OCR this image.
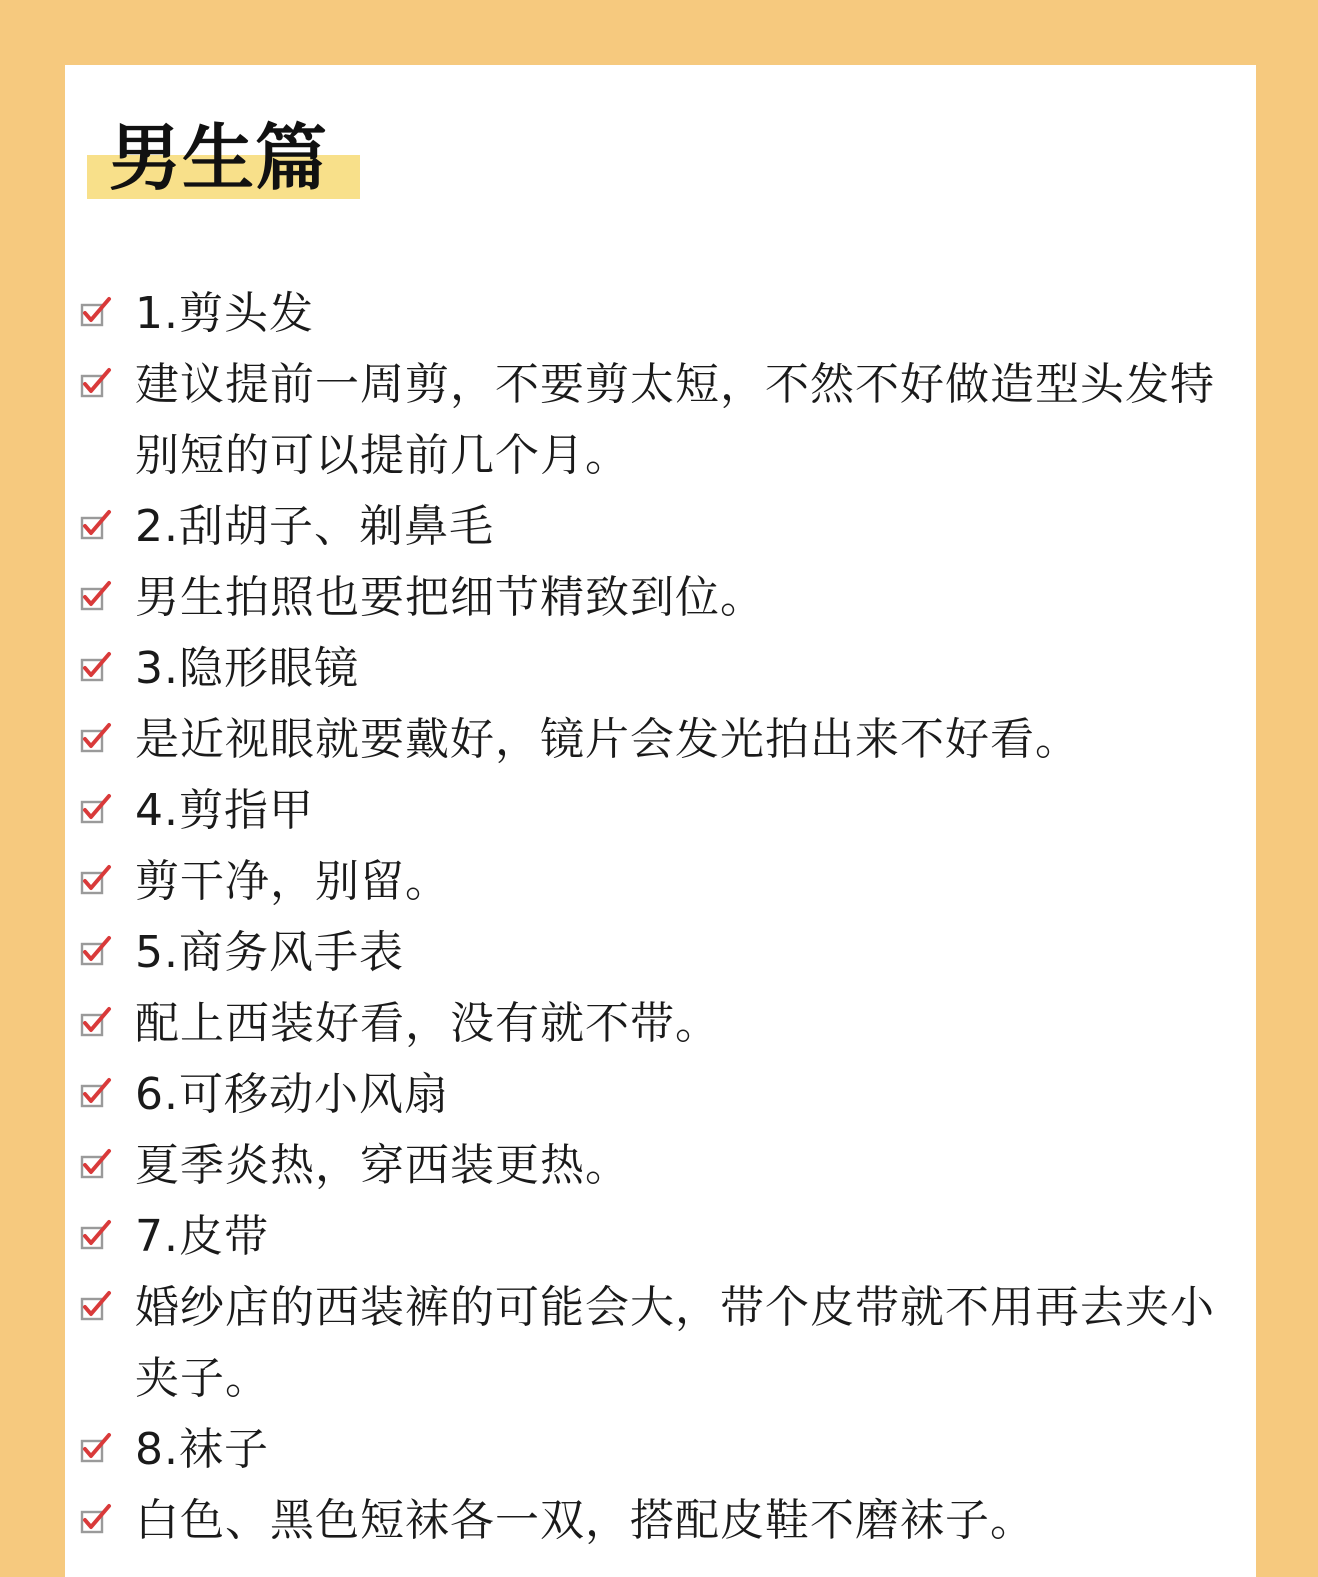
男生篇
1.剪头发
建议提前一周剪，不要剪太短，不然不好做造型头发特别短的可以提前几个月。
2.刮胡子、剃鼻毛
男生拍照也要把细节精致到位。
3.隐形眼镜
是近视眼就要戴好，镜片会发光拍出来不好看。
4.剪指甲
剪干净，别留。
5.商务风手表
配上西装好看，没有就不带。
6.可移动小风扇
夏季炎热，穿西装更热。
7.皮带
婚纱店的西装裤的可能会大，带个皮带就不用再去夹小夹子。
8.袜子
白色、黑色短袜各一双，搭配皮鞋不磨袜子。
